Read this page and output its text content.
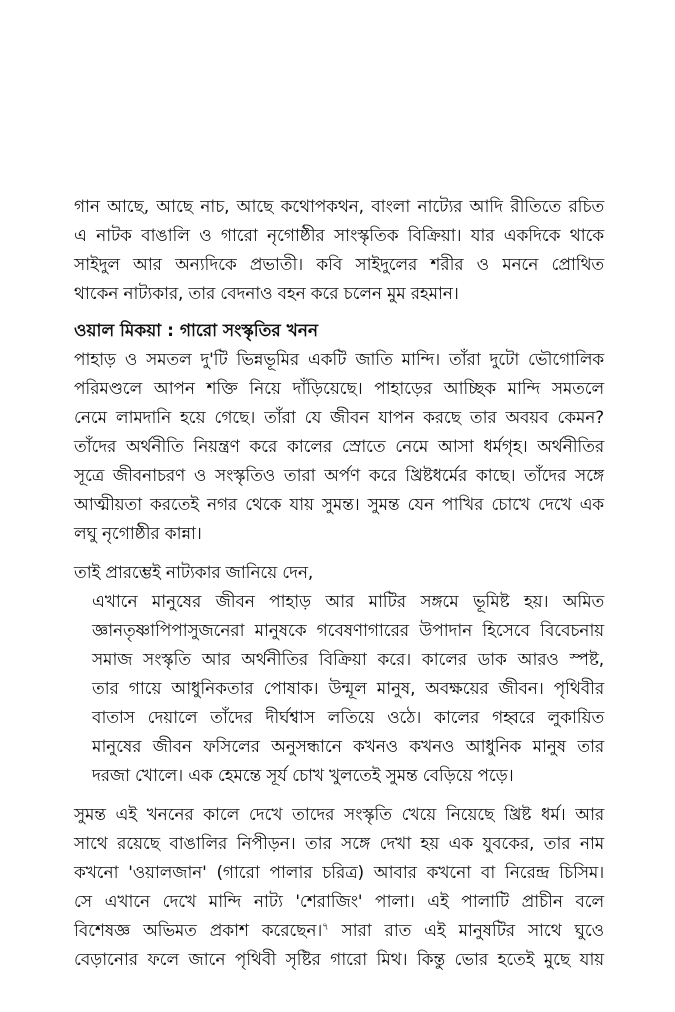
গান আছে, আছে নাচ, আছে কথোপকথন, বাংলা নাট্যের আদি রীতিতে রচিত
এ নাটক বাঙালি ও গারো নৃগোষ্ঠীর সাংস্কৃতিক বিক্রিয়া। যার একদিকে থাকে
সাইদুল আর অন্যদিকে প্রভাতী। কবি সাইদুলের শরীর ও মননে প্রোথিত
থাকেন নাট্যকার, তার বেদনাও বহন করে চলেন মুম রহমান।
ওয়াল মিকয়া : গারো সংস্কৃতির খনন
পাহাড় ও সমতল দু'টি ভিন্নভূমির একটি জাতি মান্দি। তাঁরা দুটো ভৌগোলিক
পরিমণ্ডলে আপন শক্তি নিয়ে দাঁড়িয়েছে। পাহাড়ের আচ্ছিক মান্দি সমতলে
নেমে লামদানি হয়ে গেছে। তাঁরা যে জীবন যাপন করছে তার অবয়ব কেমন?
তাঁদের অর্থনীতি নিয়ন্ত্রণ করে কালের স্রোতে নেমে আসা ধর্মগৃহ। অর্থনীতির
সূত্রে জীবনাচরণ ও সংস্কৃতিও তারা অর্পণ করে খ্রিষ্টধর্মের কাছে। তাঁদের সঙ্গে
আত্মীয়তা করতেই নগর থেকে যায় সুমন্ত। সুমন্ত যেন পাখির চোখে দেখে এক
লঘু নৃগোষ্ঠীর কান্না।
তাই প্রারম্ভেই নাট্যকার জানিয়ে দেন,
এখানে মানুষের জীবন পাহাড় আর মাটির সঙ্গমে ভূমিষ্ট হয়। অমিত
জ্ঞানতৃষ্ণাপিপাসুজনেরা মানুষকে গবেষণাগারের উপাদান হিসেবে বিবেচনায়
সমাজ সংস্কৃতি আর অর্থনীতির বিক্রিয়া করে। কালের ডাক আরও স্পষ্ট,
তার গায়ে আধুনিকতার পোষাক। উন্মূল মানুষ, অবক্ষয়ের জীবন। পৃথিবীর
বাতাস দেয়ালে তাঁদের দীর্ঘশ্বাস লতিয়ে ওঠে। কালের গহ্বরে লুকায়িত
মানুষের জীবন ফসিলের অনুসন্ধানে কখনও কখনও আধুনিক মানুষ তার
দরজা খোলে। এক হেমন্তে সূর্য চোখ খুলতেই সুমন্ত বেড়িয়ে পড়ে।
সুমন্ত এই খননের কালে দেখে তাদের সংস্কৃতি খেয়ে নিয়েছে খ্রিষ্ট ধর্ম। আর
সাথে রয়েছে বাঙালির নিপীড়ন। তার সঙ্গে দেখা হয় এক যুবকের, তার নাম
কখনো 'ওয়ালজান' (গারো পালার চরিত্র) আবার কখনো বা নিরেন্দ্র চিসিম।
সে এখানে দেখে মান্দি নাট্য 'শেরাজিং' পালা। এই পালাটি প্রাচীন বলে
বিশেষজ্ঞ অভিমত প্রকাশ করেছেন।$^৭$ সারা রাত এই মানুষটির সাথে ঘুওে
বেড়ানোর ফলে জানে পৃথিবী সৃষ্টির গারো মিথ। কিন্তু ভোর হতেই মুছে যায়
